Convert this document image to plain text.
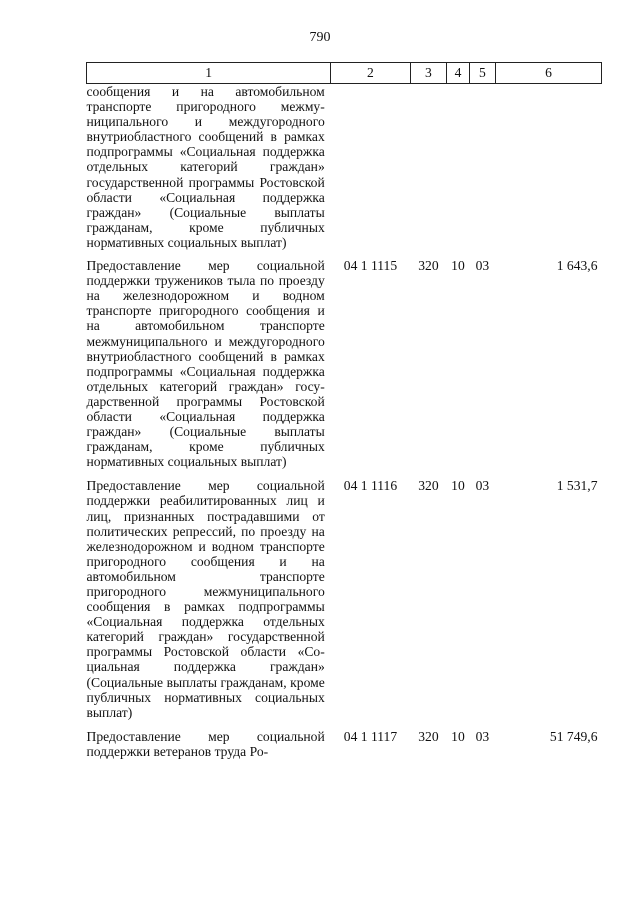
790
1	2	3	4	5	6
сообщения и на автомобильном транспорте пригородного межмуниципального и междугородного внутриобластного сообщений в рамках подпрограммы «Социальная поддержка отдельных категорий граждан» государственной программы Ростовской области «Социальная поддержка граждан» (Социальные выплаты гражданам, кроме публичных нормативных социальных выплат)					
Предоставление мер социальной поддержки тружеников тыла по проезду на железнодорожном и водном транспорте пригородного сообщения и на автомобильном транспорте межмуниципального и междугородного внутриобластного сообщений в рамках подпрограммы «Социальная поддержка отдельных категорий граждан» государственной программы Ростовской области «Социальная поддержка граждан» (Социальные выплаты гражданам, кроме публичных нормативных социальных выплат)	04 1 1115	320	10	03	1 643,6
Предоставление мер социальной поддержки реабилитированных лиц и лиц, признанных пострадавшими от политических репрессий, по проезду на железнодорожном и водном транспорте пригородного сообщения и на автомобильном транспорте пригородного межмуниципального сообщения в рамках подпрограммы «Социальная поддержка отдельных категорий граждан» государственной программы Ростовской области «Социальная поддержка граждан» (Социальные выплаты гражданам, кроме публичных нормативных социальных выплат)	04 1 1116	320	10	03	1 531,7
Предоставление мер социальной поддержки ветеранов труда Ро-	04 1 1117	320	10	03	51 749,6
